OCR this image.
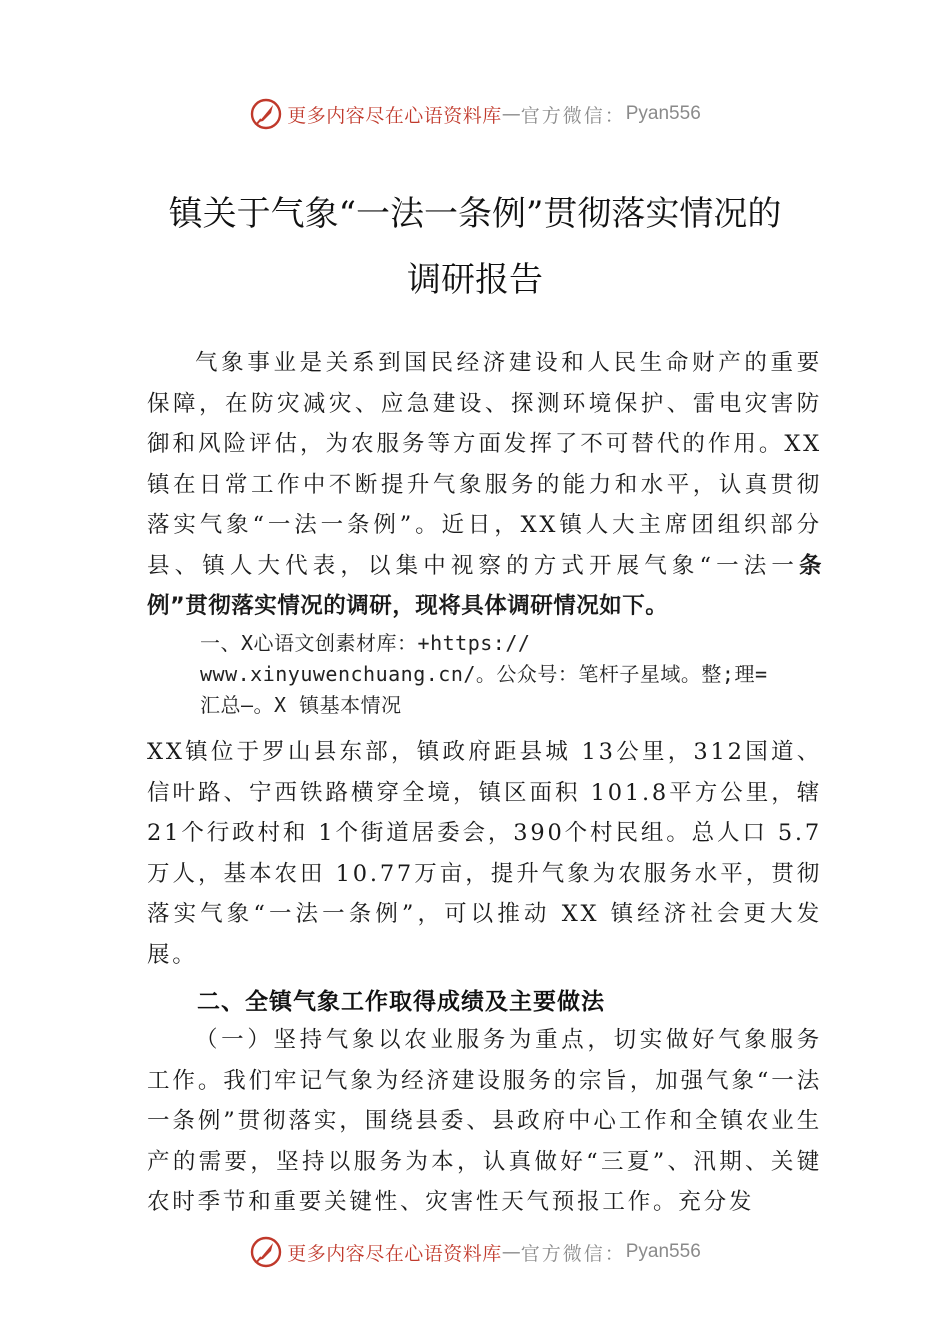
更多内容尽在心语资料库 — 官方微信： Pyan556
镇关于气象“一法一条例”贯彻落实情况的
调研报告

气象事业是关系到国民经济建设和人民生命财产的重要保障，在防灾减灾、应急建设、探测环境保护、雷电灾害防御和风险评估，为农服务等方面发挥了不可替代的作用。XX镇在日常工作中不断提升气象服务的能力和水平，认真贯彻落实气象“一法一条例”。近日，XX镇人大主席团组织部分县、镇人大代表，以集中视察的方式开展气象“一法一条例”贯彻落实情况的调研，现将具体调研情况如下。

一、X心语文创素材库：+https://
www.xinyuwenchuang.cn/。公众号：笔杆子星域。整;理=
汇总—。X 镇基本情况

XX镇位于罗山县东部，镇政府距县城 13公里，312国道、信叶路、宁西铁路横穿全境，镇区面积 101.8平方公里，辖 21个行政村和 1个街道居委会，390个村民组。总人口 5.7万人，基本农田 10.77万亩，提升气象为农服务水平，贯彻落实气象“一法一条例”，可以推动 XX 镇经济社会更大发展。

二、全镇气象工作取得成绩及主要做法

（一）坚持气象以农业服务为重点，切实做好气象服务工作。我们牢记气象为经济建设服务的宗旨，加强气象“一法一条例”贯彻落实，围绕县委、县政府中心工作和全镇农业生产的需要，坚持以服务为本，认真做好“三夏”、汛期、关键农时季节和重要关键性、灾害性天气预报工作。充分发

更多内容尽在心语资料库 — 官方微信： Pyan556
